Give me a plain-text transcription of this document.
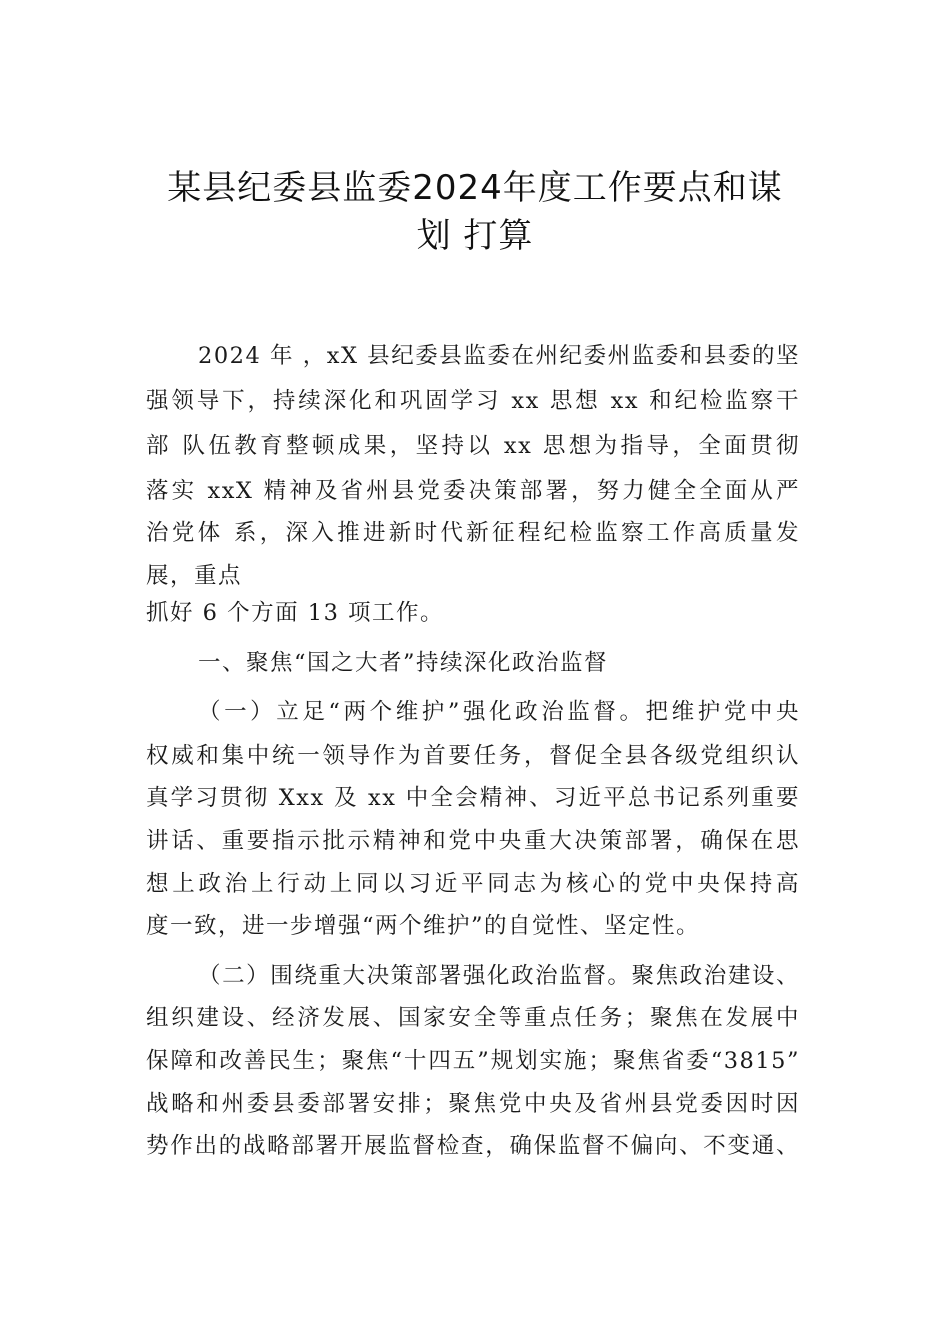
某县纪委县监委2024年度工作要点和谋
划 打算
2024 年 ，xX 县纪委县监委在州纪委州监委和县委的坚
强领导下，持续深化和巩固学习 xx 思想 xx 和纪检监察干
部 队伍教育整顿成果，坚持以 xx 思想为指导，全面贯彻
落实 xxX 精神及省州县党委决策部署，努力健全全面从严
治党体 系，深入推进新时代新征程纪检监察工作高质量发
展，重点
抓好 6 个方面 13 项工作。
一、聚焦“国之大者”持续深化政治监督
（一）立足“两个维护”强化政治监督。把维护党中央
权威和集中统一领导作为首要任务，督促全县各级党组织认
真学习贯彻 Xxx 及 xx 中全会精神、习近平总书记系列重要
讲话、重要指示批示精神和党中央重大决策部署，确保在思
想上政治上行动上同以习近平同志为核心的党中央保持高
度一致，进一步增强“两个维护”的自觉性、坚定性。
（二）围绕重大决策部署强化政治监督。聚焦政治建设、
组织建设、经济发展、国家安全等重点任务；聚焦在发展中
保障和改善民生；聚焦“十四五”规划实施；聚焦省委“3815”
战略和州委县委部署安排；聚焦党中央及省州县党委因时因
势作出的战略部署开展监督检查，确保监督不偏向、不变通、
